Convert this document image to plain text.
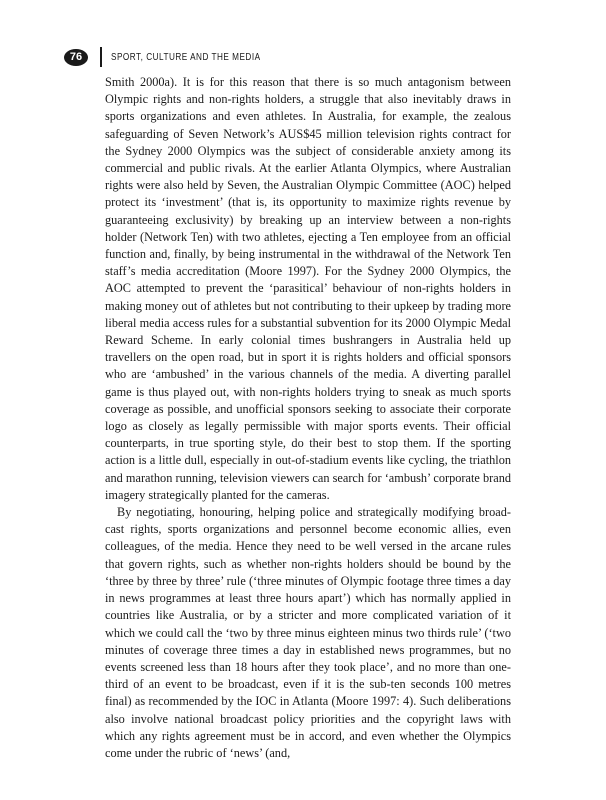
76	SPORT, CULTURE AND THE MEDIA

Smith 2000a). It is for this reason that there is so much antagonism between Olympic rights and non-rights holders, a struggle that also inevitably draws in sports organizations and even athletes. In Australia, for example, the zealous safeguarding of Seven Network’s AUS$45 million television rights contract for the Sydney 2000 Olympics was the subject of considerable anxiety among its commercial and public rivals. At the earlier Atlanta Olympics, where Australian rights were also held by Seven, the Australian Olympic Committee (AOC) helped protect its ‘investment’ (that is, its opportunity to maximize rights revenue by guaranteeing exclusivity) by breaking up an interview between a non-rights holder (Network Ten) with two athletes, ejecting a Ten employee from an official function and, finally, by being instrumental in the withdrawal of the Network Ten staff’s media accreditation (Moore 1997). For the Sydney 2000 Olympics, the AOC attempted to prevent the ‘parasitical’ behaviour of non-rights holders in making money out of athletes but not contributing to their upkeep by trading more liberal media access rules for a substantial subvention for its 2000 Olympic Medal Reward Scheme. In early colonial times bushrangers in Australia held up travellers on the open road, but in sport it is rights holders and official sponsors who are ‘ambushed’ in the various channels of the media. A diverting parallel game is thus played out, with non-rights holders trying to sneak as much sports coverage as possible, and unofficial sponsors seeking to associate their corporate logo as closely as legally permissible with major sports events. Their official counterparts, in true sporting style, do their best to stop them. If the sporting action is a little dull, especially in out-of-stadium events like cycling, the triathlon and marathon running, television viewers can search for ‘ambush’ corporate brand imagery strategically planted for the cameras.

By negotiating, honouring, helping police and strategically modifying broadcast rights, sports organizations and personnel become economic allies, even colleagues, of the media. Hence they need to be well versed in the arcane rules that govern rights, such as whether non-rights holders should be bound by the ‘three by three by three’ rule (‘three minutes of Olympic footage three times a day in news programmes at least three hours apart’) which has normally applied in countries like Australia, or by a stricter and more complicated variation of it which we could call the ‘two by three minus eighteen minus two thirds rule’ (‘two minutes of coverage three times a day in established news programmes, but no events screened less than 18 hours after they took place’, and no more than one-third of an event to be broadcast, even if it is the sub-ten seconds 100 metres final) as recommended by the IOC in Atlanta (Moore 1997: 4). Such deliberations also involve national broadcast policy priorities and the copyright laws with which any rights agreement must be in accord, and even whether the Olympics come under the rubric of ‘news’ (and,
